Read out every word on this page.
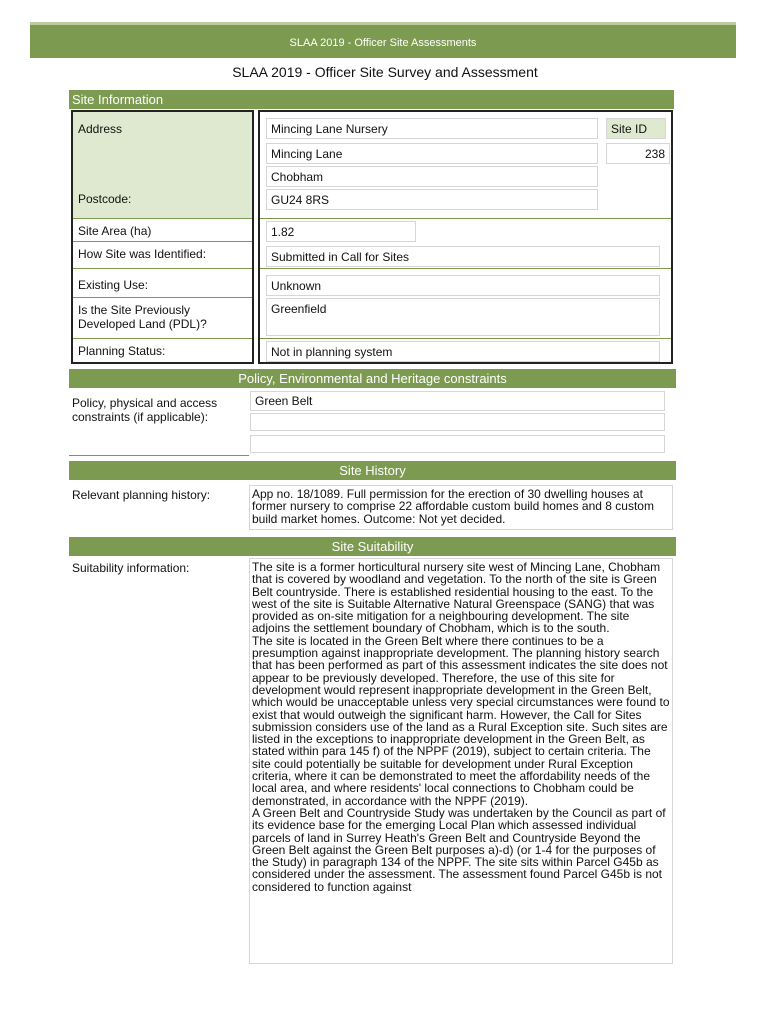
SLAA 2019 - Officer Site Assessments
SLAA 2019 - Officer Site Survey and Assessment
Site Information
Address
Postcode:
Site Area (ha)
How Site was Identified:
Existing Use:
Is the Site Previously Developed Land (PDL)?
Planning Status:
Mincing Lane Nursery
Mincing Lane
Chobham
GU24 8RS
Site ID
238
1.82
Submitted in Call for Sites
Unknown
Greenfield
Not in planning system
Policy, Environmental and Heritage constraints
Policy, physical and access constraints (if applicable):
Green Belt
Site History
Relevant planning history:	App no. 18/1089. Full permission for the erection of 30 dwelling houses at former nursery to comprise 22 affordable custom build homes and 8 custom build market homes. Outcome: Not yet decided.
Site Suitability
Suitability information:	The site is a former horticultural nursery site west of Mincing Lane, Chobham that is covered by woodland and vegetation. To the north of the site is Green Belt countryside. There is established residential housing to the east. To the west of the site is Suitable Alternative Natural Greenspace (SANG) that was provided as on-site mitigation for a neighbouring development. The site adjoins the settlement boundary of Chobham, which is to the south.
The site is located in the Green Belt where there continues to be a presumption against inappropriate development. The planning history search that has been performed as part of this assessment indicates the site does not appear to be previously developed. Therefore, the use of this site for development would represent inappropriate development in the Green Belt, which would be unacceptable unless very special circumstances were found to exist that would outweigh the significant harm. However, the Call for Sites submission considers use of the land as a Rural Exception site. Such sites are listed in the exceptions to inappropriate development in the Green Belt, as stated within para 145 f) of the NPPF (2019), subject to certain criteria. The site could potentially be suitable for development under Rural Exception criteria, where it can be demonstrated to meet the affordability needs of the local area, and where residents' local connections to Chobham could be demonstrated, in accordance with the NPPF (2019).
A Green Belt and Countryside Study was undertaken by the Council as part of its evidence base for the emerging Local Plan which assessed individual parcels of land in Surrey Heath's Green Belt and Countryside Beyond the Green Belt against the Green Belt purposes a)-d) (or 1-4 for the purposes of the Study) in paragraph 134 of the NPPF. The site sits within Parcel G45b as considered under the assessment. The assessment found Parcel G45b is not considered to function against
